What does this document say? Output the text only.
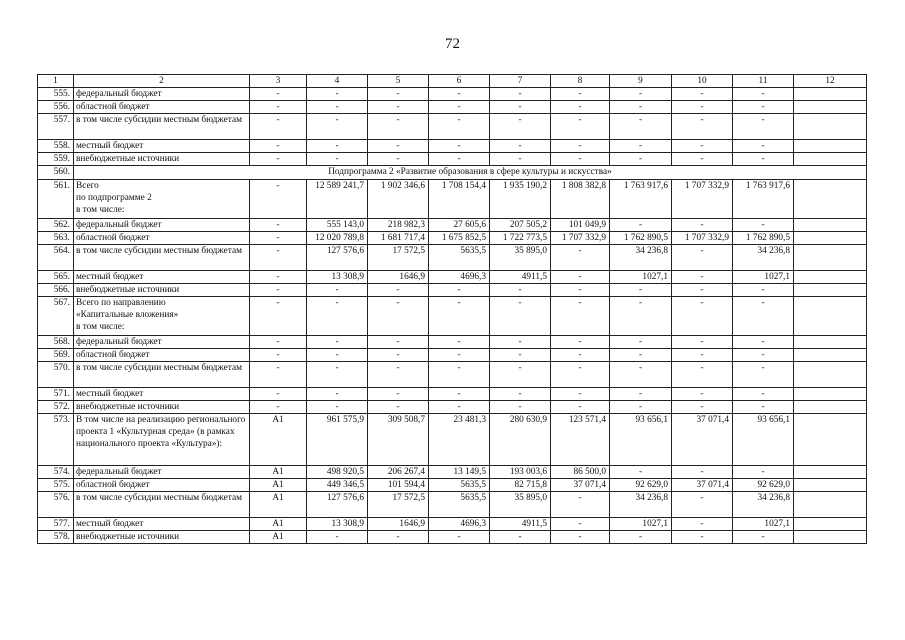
72
1	2	3	4	5	6	7	8	9	10	11	12
555.	федеральный бюджет	-	-	-	-	-	-	-	-	-	
556.	областной бюджет	-	-	-	-	-	-	-	-	-	
557.	в том числе субсидии местным бюджетам	-	-	-	-	-	-	-	-	-	
558.	местный бюджет	-	-	-	-	-	-	-	-	-	
559.	внебюджетные источники	-	-	-	-	-	-	-	-	-	
560.	Подпрограмма 2 «Развитие образования в сфере культуры и искусства»										
561.	Всего
по подпрограмме 2
в том числе:	-	12 589 241,7	1 902 346,6	1 708 154,4	1 935 190,2	1 808 382,8	1 763 917,6	1 707 332,9	1 763 917,6	
562.	федеральный бюджет	-	555 143,0	218 982,3	27 605,6	207 505,2	101 049,9	-	-	-	
563.	областной бюджет	-	12 020 789,8	1 681 717,4	1 675 852,5	1 722 773,5	1 707 332,9	1 762 890,5	1 707 332,9	1 762 890,5	
564.	в том числе субсидии местным бюджетам	-	127 576,6	17 572,5	5635,5	35 895,0	-	34 236,8	-	34 236,8	
565.	местный бюджет	-	13 308,9	1646,9	4696,3	4911,5	-	1027,1	-	1027,1	
566.	внебюджетные источники	-	-	-	-	-	-	-	-	-	
567.	Всего по направлению
«Капитальные вложения»
в том числе:	-	-	-	-	-	-	-	-	-	
568.	федеральный бюджет	-	-	-	-	-	-	-	-	-	
569.	областной бюджет	-	-	-	-	-	-	-	-	-	
570.	в том числе субсидии местным бюджетам	-	-	-	-	-	-	-	-	-	
571.	местный бюджет	-	-	-	-	-	-	-	-	-	
572.	внебюджетные источники	-	-	-	-	-	-	-	-	-	
573.	В том числе на реализацию регионального проекта 1 «Культурная среда» (в рамках национального проекта «Культура»):	А1	961 575,9	309 508,7	23 481,3	280 630,9	123 571,4	93 656,1	37 071,4	93 656,1	
574.	федеральный бюджет	А1	498 920,5	206 267,4	13 149,5	193 003,6	86 500,0	-	-	-	
575.	областной бюджет	А1	449 346,5	101 594,4	5635,5	82 715,8	37 071,4	92 629,0	37 071,4	92 629,0	
576.	в том числе субсидии местным бюджетам	А1	127 576,6	17 572,5	5635,5	35 895,0	-	34 236,8	-	34 236,8	
577.	местный бюджет	А1	13 308,9	1646,9	4696,3	4911,5	-	1027,1	-	1027,1	
578.	внебюджетные источники	А1	-	-	-	-	-	-	-	-	
